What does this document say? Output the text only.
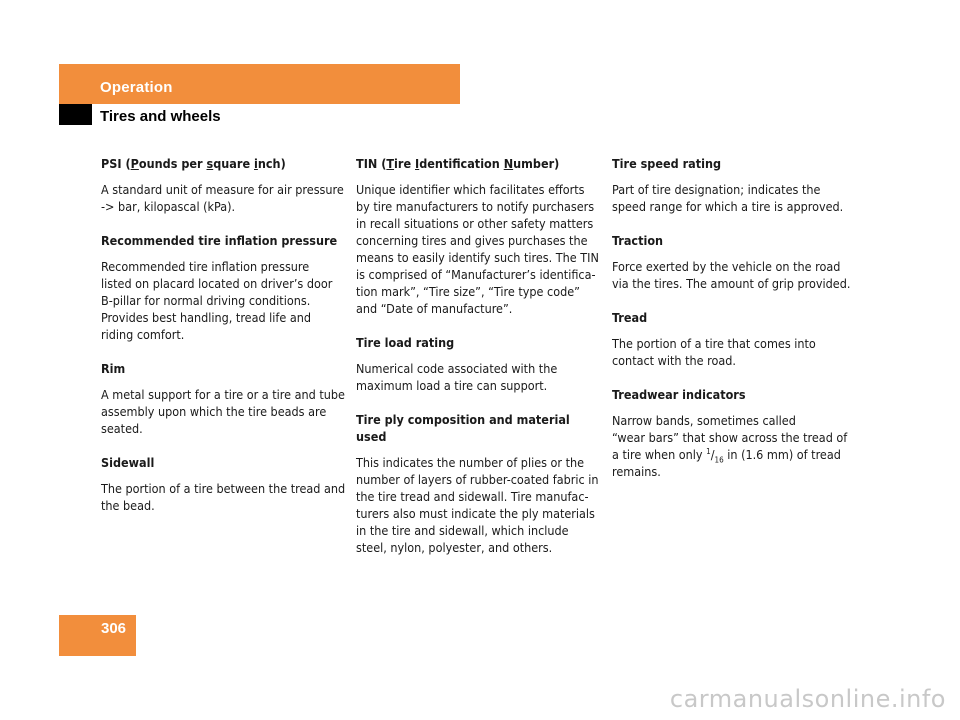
Operation
Tires and wheels
PSI (Pounds per square inch)
A standard unit of measure for air pressure
-> bar, kilopascal (kPa).
Recommended tire inflation pressure
Recommended tire inflation pressure
listed on placard located on driver’s door
B-pillar for normal driving conditions.
Provides best handling, tread life and
riding comfort.
Rim
A metal support for a tire or a tire and tube
assembly upon which the tire beads are
seated.
Sidewall
The portion of a tire between the tread and
the bead.
TIN (Tire Identifcation Number)
Unique identifier which facilitates efforts
by tire manufacturers to notify purchasers
in recall situations or other safety matters
concerning tires and gives purchases the
means to easily identify such tires. The TIN
is comprised of “Manufacturer’s identifica-
tion mark”, “Tire size”, “Tire type code”
and “Date of manufacture”.
Tire load rating
Numerical code associated with the
maximum load a tire can support.
Tire ply composition and material used
This indicates the number of plies or the
number of layers of rubber-coated fabric in
the tire tread and sidewall. Tire manufac-
turers also must indicate the ply materials
in the tire and sidewall, which include
steel, nylon, polyester, and others.
Tire speed rating
Part of tire designation; indicates the
speed range for which a tire is approved.
Traction
Force exerted by the vehicle on the road
via the tires. The amount of grip provided.
Tread
The portion of a tire that comes into
contact with the road.
Treadwear indicators
Narrow bands, sometimes called
“wear bars” that show across the tread of
a tire when only $^1/_{16}$ in (1.6 mm) of tread
remains.
306
carmanualsonline.info
